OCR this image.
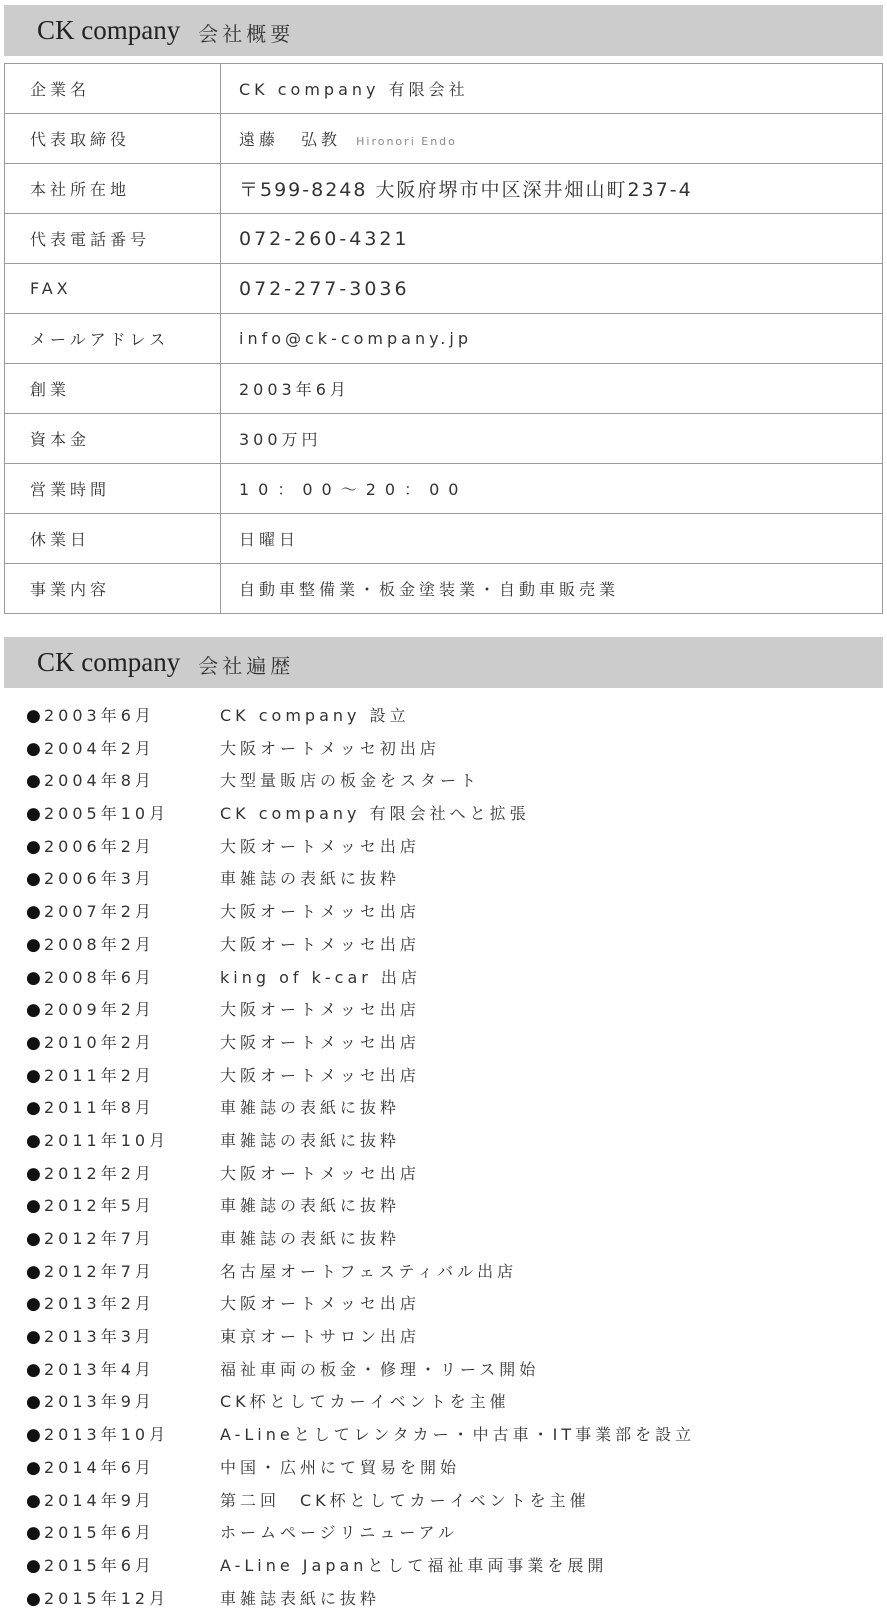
CK company 会社概要
企業名	CK company 有限会社
代表取締役	遠藤 弘教 Hironori Endo
本社所在地	〒599-8248 大阪府堺市中区深井畑山町237-4
代表電話番号	072-260-4321
FAX	072-277-3036
メールアドレス	info@ck-company.jp
創業	2003年6月
資本金	300万円
営業時間	10：00～20：00
休業日	日曜日
事業内容	自動車整備業・板金塗装業・自動車販売業
CK company 会社遍歴
● 2003年6月	CK company 設立
● 2004年2月	大阪オートメッセ初出店
● 2004年8月	大型量販店の板金をスタート
● 2005年10月	CK company 有限会社へと拡張
● 2006年2月	大阪オートメッセ出店
● 2006年3月	車雑誌の表紙に抜粋
● 2007年2月	大阪オートメッセ出店
● 2008年2月	大阪オートメッセ出店
● 2008年6月	king of k-car 出店
● 2009年2月	大阪オートメッセ出店
● 2010年2月	大阪オートメッセ出店
● 2011年2月	大阪オートメッセ出店
● 2011年8月	車雑誌の表紙に抜粋
● 2011年10月	車雑誌の表紙に抜粋
● 2012年2月	大阪オートメッセ出店
● 2012年5月	車雑誌の表紙に抜粋
● 2012年7月	車雑誌の表紙に抜粋
● 2012年7月	名古屋オートフェスティバル出店
● 2013年2月	大阪オートメッセ出店
● 2013年3月	東京オートサロン出店
● 2013年4月	福祉車両の板金・修理・リース開始
● 2013年9月	CK杯としてカーイベントを主催
● 2013年10月	A-Lineとしてレンタカー・中古車・IT事業部を設立
● 2014年6月	中国・広州にて貿易を開始
● 2014年9月	第二回　CK杯としてカーイベントを主催
● 2015年6月	ホームページリニューアル
● 2015年6月	A-Line Japanとして福祉車両事業を展開
● 2015年12月	車雑誌表紙に抜粋
